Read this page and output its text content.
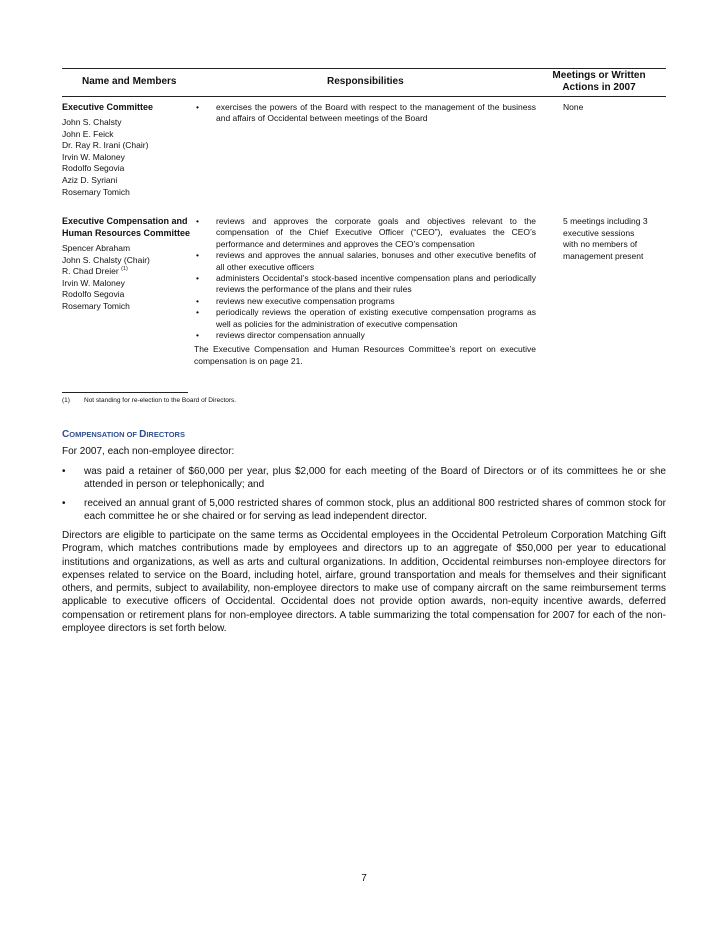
Name and Members	Responsibilities
Meetings or Written
Actions in 2007
Executive Committee
John S. Chalsty
John E. Feick
Dr. Ray R. Irani (Chair)
Irvin W. Maloney
Rodolfo Segovia
Aziz D. Syriani
Rosemary Tomich
• exercises the powers of the Board with respect to the management of the business and affairs of Occidental between meetings of the Board
None
Executive Compensation and
Human Resources Committee
Spencer Abraham
John S. Chalsty (Chair)
R. Chad Dreier $^{(1)}$
Irvin W. Maloney
Rodolfo Segovia
Rosemary Tomich
• reviews and approves the corporate goals and objectives relevant to the compensation of the Chief Executive Officer (“CEO”), evaluates the CEO’s performance and determines and approves the CEO’s compensation
• reviews and approves the annual salaries, bonuses and other executive benefits of all other executive officers
• administers Occidental’s stock-based incentive compensation plans and periodically reviews the performance of the plans and their rules
• reviews new executive compensation programs
• periodically reviews the operation of existing executive compensation programs as well as policies for the administration of executive compensation
• reviews director compensation annually
The Executive Compensation and Human Resources Committee’s report on executive compensation is on page 21.
5 meetings including 3 executive sessions with no members of management present
(1) Not standing for re-election to the Board of Directors.
COMPENSATION OF DIRECTORS
For 2007, each non-employee director:
• was paid a retainer of $60,000 per year, plus $2,000 for each meeting of the Board of Directors or of its committees he or she attended in person or telephonically; and
• received an annual grant of 5,000 restricted shares of common stock, plus an additional 800 restricted shares of common stock for each committee he or she chaired or for serving as lead independent director.
Directors are eligible to participate on the same terms as Occidental employees in the Occidental Petroleum Corporation Matching Gift Program, which matches contributions made by employees and directors up to an aggregate of $50,000 per year to educational institutions and organizations, as well as arts and cultural organizations. In addition, Occidental reimburses non-employee directors for expenses related to service on the Board, including hotel, airfare, ground transportation and meals for themselves and their significant others, and permits, subject to availability, non-employee directors to make use of company aircraft on the same reimbursement terms applicable to executive officers of Occidental. Occidental does not provide option awards, non-equity incentive awards, deferred compensation or retirement plans for non-employee directors. A table summarizing the total compensation for 2007 for each of the non-employee directors is set forth below.
7
